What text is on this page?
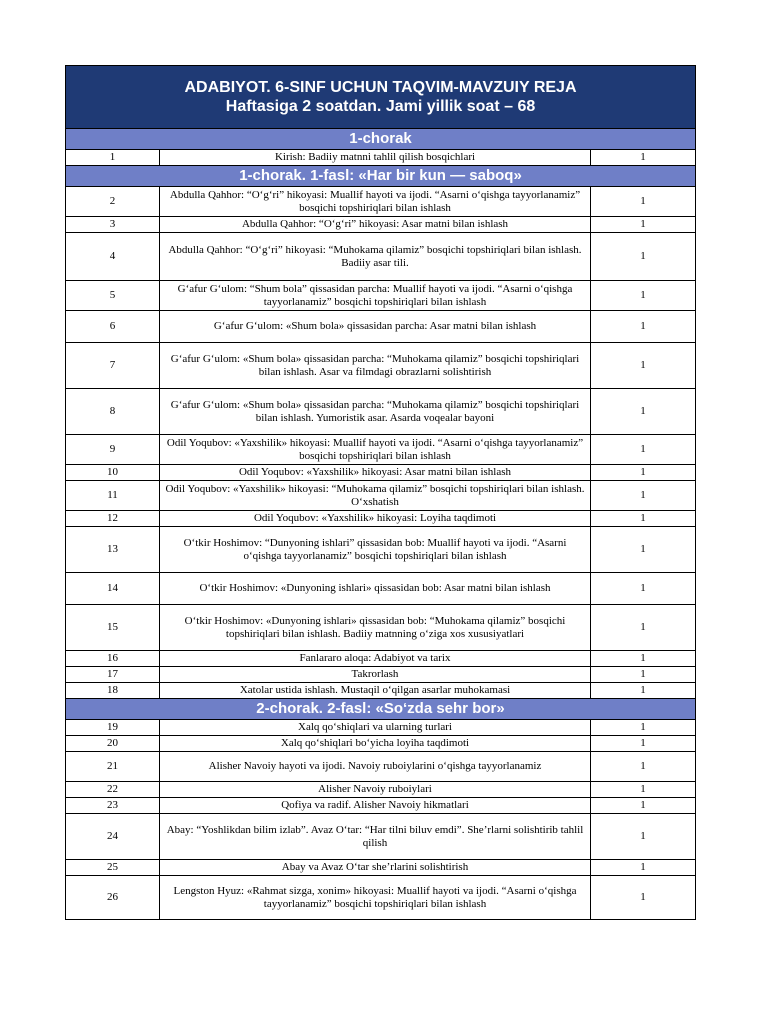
ADABIYOT. 6-SINF UCHUN TAQVIM-MAVZUIY REJA
Haftasiga 2 soatdan. Jami yillik soat – 68		

1-chorak		
1	Kirish: Badiiy matnni tahlil qilish bosqichlari	1
1-chorak. 1-fasl: «Har bir kun — saboq»		
2	Abdulla Qahhor: “O‘g‘ri” hikoyasi: Muallif hayoti va ijodi. “Asarni o‘qishga tayyorlanamiz” bosqichi topshiriqlari bilan ishlash	1
3	Abdulla Qahhor: “O‘g‘ri” hikoyasi: Asar matni bilan ishlash	1
4	Abdulla Qahhor: “O‘g‘ri” hikoyasi: “Muhokama qilamiz” bosqichi topshiriqlari bilan ishlash.
Badiiy asar tili.	1
5	G‘afur G‘ulom: “Shum bola” qissasidan parcha: Muallif hayoti va ijodi. “Asarni o‘qishga tayyorlanamiz” bosqichi topshiriqlari bilan ishlash	1
6	G‘afur G‘ulom: «Shum bola» qissasidan parcha: Asar matni bilan ishlash	1
7	G‘afur G‘ulom: «Shum bola» qissasidan parcha: “Muhokama qilamiz” bosqichi topshiriqlari bilan ishlash. Asar va filmdagi obrazlarni solishtirish	1
8	G‘afur G‘ulom: «Shum bola» qissasidan parcha: “Muhokama qilamiz” bosqichi topshiriqlari bilan ishlash. Yumoristik asar. Asarda voqealar bayoni	1
9	Odil Yoqubov: «Yaxshilik» hikoyasi: Muallif hayoti va ijodi. “Asarni o‘qishga tayyorlanamiz” bosqichi topshiriqlari bilan ishlash	1
10	Odil Yoqubov: «Yaxshilik» hikoyasi: Asar matni bilan ishlash	1
11	Odil Yoqubov: «Yaxshilik» hikoyasi: “Muhokama qilamiz” bosqichi topshiriqlari bilan ishlash. O‘xshatish	1
12	Odil Yoqubov: «Yaxshilik» hikoyasi: Loyiha taqdimoti	1
13	O‘tkir Hoshimov: “Dunyoning ishlari” qissasidan bob: Muallif hayoti va ijodi. “Asarni o‘qishga tayyorlanamiz” bosqichi topshiriqlari bilan ishlash	1
14	O‘tkir Hoshimov: «Dunyoning ishlari» qissasidan bob: Asar matni bilan ishlash	1
15	O‘tkir Hoshimov: «Dunyoning ishlari» qissasidan bob: “Muhokama qilamiz” bosqichi topshiriqlari bilan ishlash. Badiiy matnning o‘ziga xos xususiyatlari	1
16	Fanlararo aloqa: Adabiyot va tarix	1
17	Takrorlash	1
18	Xatolar ustida ishlash. Mustaqil o‘qilgan asarlar muhokamasi	1
2-chorak. 2-fasl: «So‘zda sehr bor»		
19	Xalq qo‘shiqlari va ularning turlari	1
20	Xalq qo‘shiqlari bo‘yicha loyiha taqdimoti	1
21	Alisher Navoiy hayoti va ijodi. Navoiy ruboiylarini o‘qishga tayyorlanamiz	1
22	Alisher Navoiy ruboiylari	1
23	Qofiya va radif. Alisher Navoiy hikmatlari	1
24	Abay: “Yoshlikdan bilim izlab”. Avaz O‘tar: “Har tilni biluv emdi”. She’rlarni solishtirib tahlil
qilish	1
25	Abay va Avaz O‘tar she’rlarini solishtirish	1
26	Lengston Hyuz: «Rahmat sizga, xonim» hikoyasi: Muallif hayoti va ijodi. “Asarni o‘qishga tayyorlanamiz” bosqichi topshiriqlari bilan ishlash	1
